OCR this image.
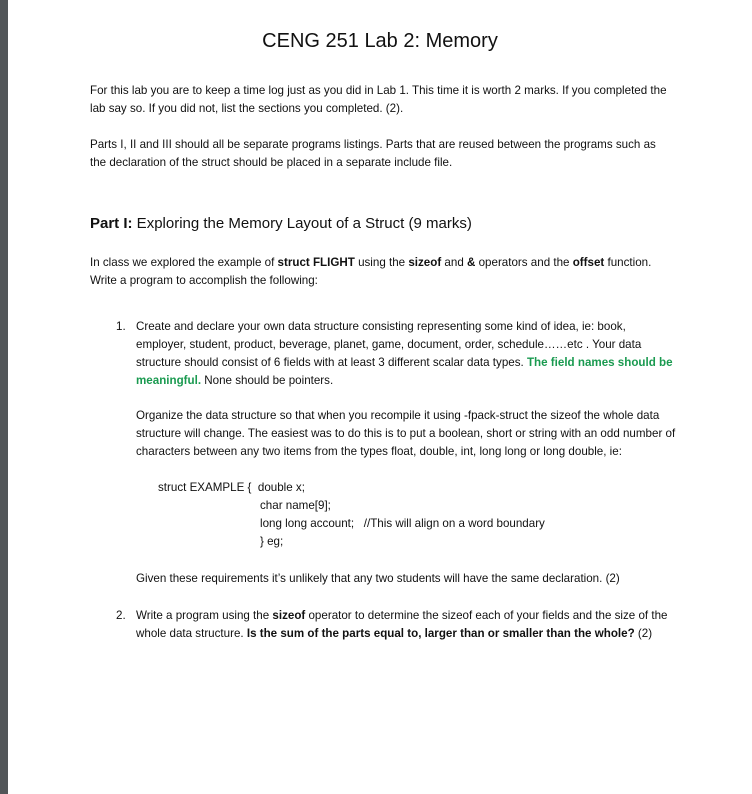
CENG 251 Lab 2: Memory
For this lab you are to keep a time log just as you did in Lab 1. This time it is worth 2 marks. If you completed the lab say so. If you did not, list the sections you completed. (2).
Parts I, II and III should all be separate programs listings. Parts that are reused between the programs such as the declaration of the struct should be placed in a separate include file.
Part I: Exploring the Memory Layout of a Struct (9 marks)
In class we explored the example of struct FLIGHT using the sizeof and & operators and the offset function. Write a program to accomplish the following:
1. Create and declare your own data structure consisting representing some kind of idea, ie: book, employer, student, product, beverage, planet, game, document, order, schedule……etc . Your data structure should consist of 6 fields with at least 3 different scalar data types. The field names should be meaningful. None should be pointers.
Organize the data structure so that when you recompile it using -fpack-struct the sizeof the whole data structure will change. The easiest was to do this is to put a boolean, short or string with an odd number of characters between any two items from the types float, double, int, long long or long double, ie:
struct EXAMPLE {  double x;
char name[9];
long long account;   //This will align on a word boundary
} eg;
Given these requirements it’s unlikely that any two students will have the same declaration. (2)
2. Write a program using the sizeof operator to determine the sizeof each of your fields and the size of the whole data structure. Is the sum of the parts equal to, larger than or smaller than the whole? (2)
